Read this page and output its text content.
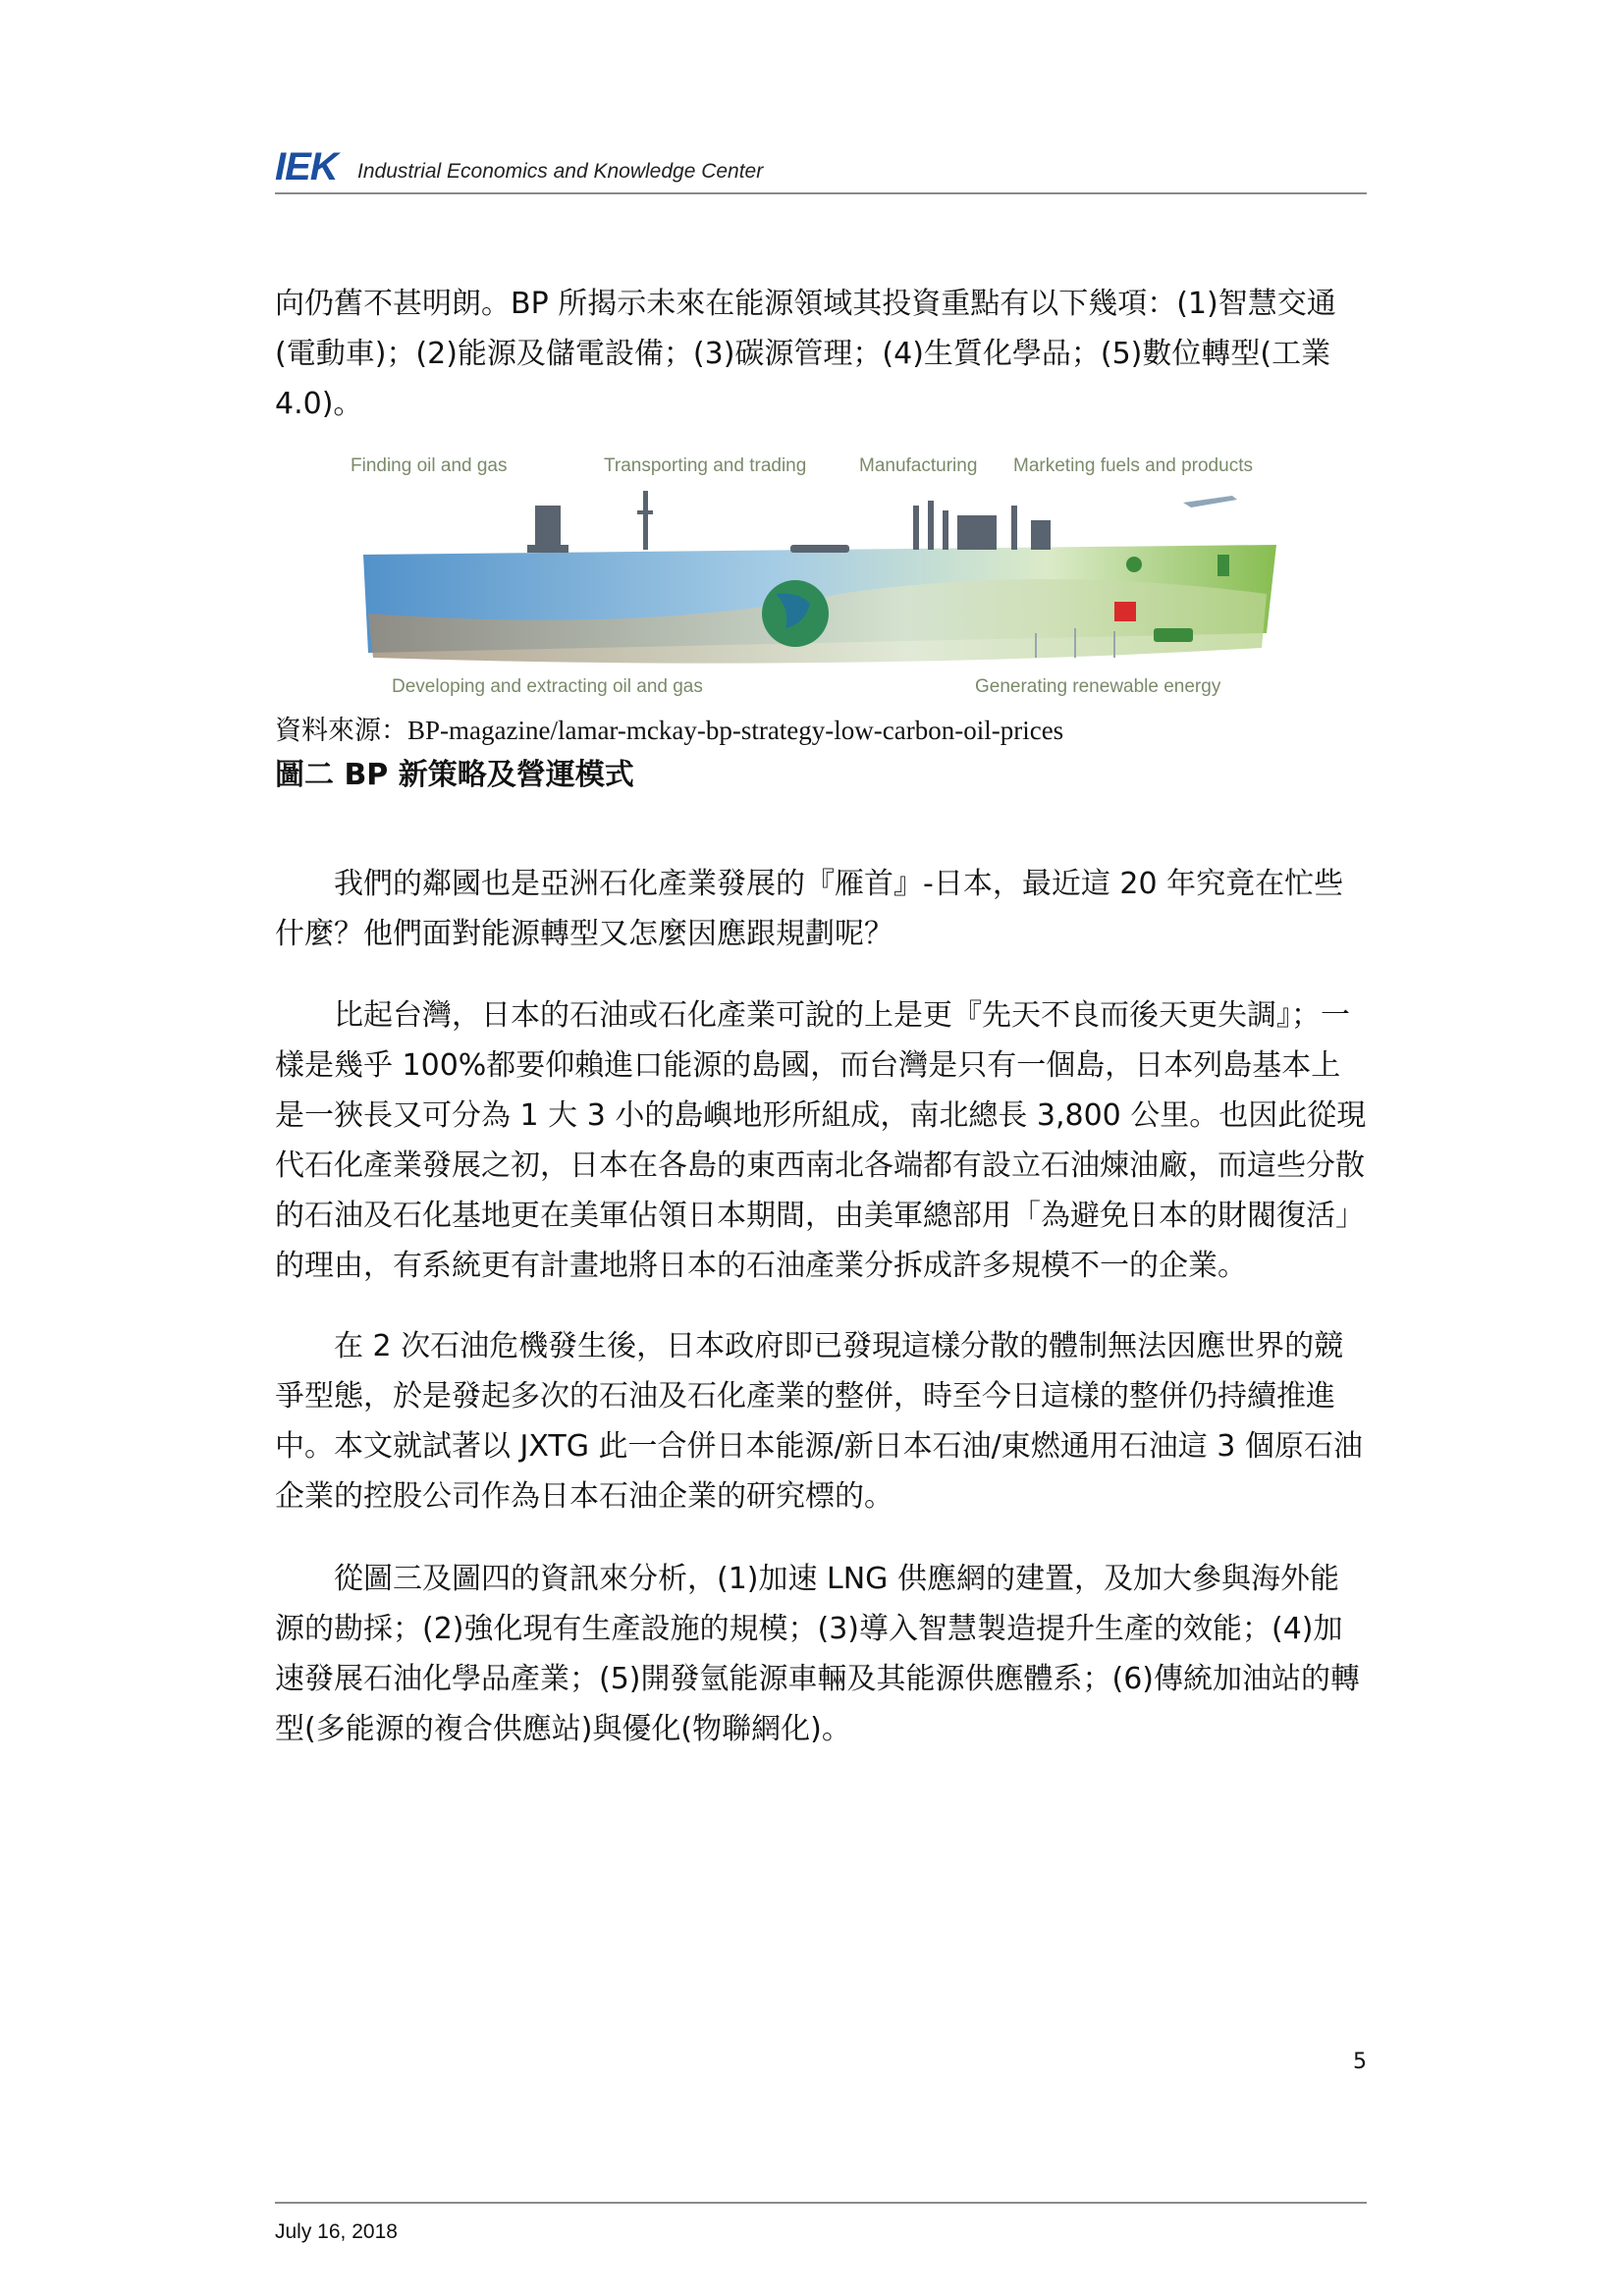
IEK Industrial Economics and Knowledge Center

向仍舊不甚明朗。BP 所揭示未來在能源領域其投資重點有以下幾項：(1)智慧交通(電動車)；(2)能源及儲電設備；(3)碳源管理；(4)生質化學品；(5)數位轉型(工業 4.0)。

Finding oil and gas	Transporting and trading	Manufacturing Marketing fuels and products
Developing and extracting oil and gas	Generating renewable energy
資料來源：BP-magazine/lamar-mckay-bp-strategy-low-carbon-oil-prices
圖二 BP 新策略及營運模式

我們的鄰國也是亞洲石化產業發展的『雁首』-日本，最近這 20 年究竟在忙些什麼？他們面對能源轉型又怎麼因應跟規劃呢？

比起台灣，日本的石油或石化產業可說的上是更『先天不良而後天更失調』；一樣是幾乎 100%都要仰賴進口能源的島國，而台灣是只有一個島，日本列島基本上是一狹長又可分為 1 大 3 小的島嶼地形所組成，南北總長 3,800 公里。也因此從現代石化產業發展之初，日本在各島的東西南北各端都有設立石油煉油廠，而這些分散的石油及石化基地更在美軍佔領日本期間，由美軍總部用「為避免日本的財閥復活」的理由，有系統更有計畫地將日本的石油產業分拆成許多規模不一的企業。

在 2 次石油危機發生後，日本政府即已發現這樣分散的體制無法因應世界的競爭型態，於是發起多次的石油及石化產業的整併，時至今日這樣的整併仍持續推進中。本文就試著以 JXTG 此一合併日本能源/新日本石油/東燃通用石油這 3 個原石油企業的控股公司作為日本石油企業的研究標的。

從圖三及圖四的資訊來分析，(1)加速 LNG 供應網的建置，及加大參與海外能源的勘採；(2)強化現有生產設施的規模；(3)導入智慧製造提升生產的效能；(4)加速發展石油化學品產業；(5)開發氫能源車輛及其能源供應體系；(6)傳統加油站的轉型(多能源的複合供應站)與優化(物聯網化)。

5
July 16, 2018
